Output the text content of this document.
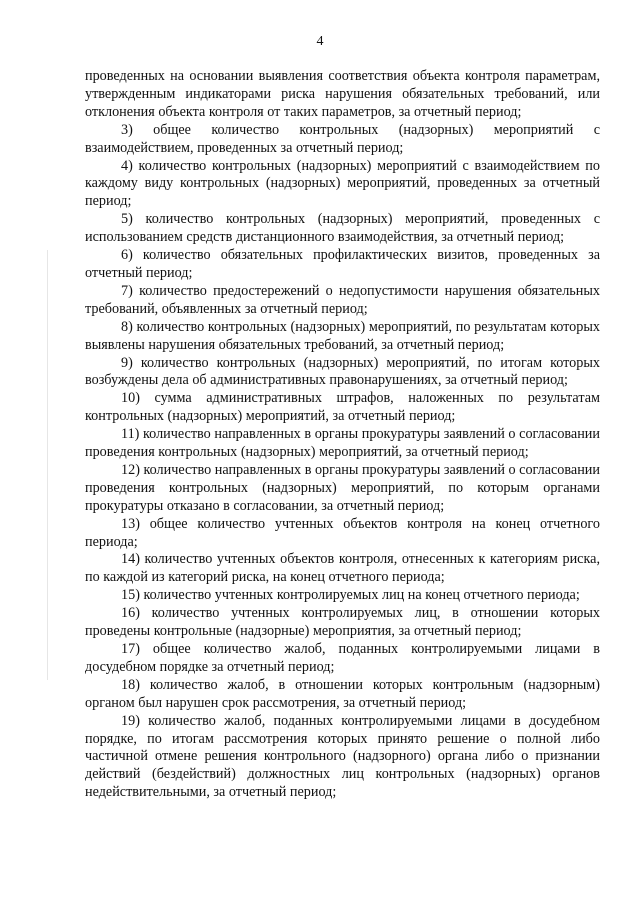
4

проведенных на основании выявления соответствия объекта контроля параметрам, утвержденным индикаторами риска нарушения обязательных требований, или отклонения объекта контроля от таких параметров, за отчетный период;

3) общее количество контрольных (надзорных) мероприятий с взаимодействием, проведенных за отчетный период;

4) количество контрольных (надзорных) мероприятий с взаимодействием по каждому виду контрольных (надзорных) мероприятий, проведенных за отчетный период;

5) количество контрольных (надзорных) мероприятий, проведенных с использованием средств дистанционного взаимодействия, за отчетный период;

6) количество обязательных профилактических визитов, проведенных за отчетный период;

7) количество предостережений о недопустимости нарушения обязательных требований, объявленных за отчетный период;

8) количество контрольных (надзорных) мероприятий, по результатам которых выявлены нарушения обязательных требований, за отчетный период;

9) количество контрольных (надзорных) мероприятий, по итогам которых возбуждены дела об административных правонарушениях, за отчетный период;

10) сумма административных штрафов, наложенных по результатам контрольных (надзорных) мероприятий, за отчетный период;

11) количество направленных в органы прокуратуры заявлений о согласовании проведения контрольных (надзорных) мероприятий, за отчетный период;

12) количество направленных в органы прокуратуры заявлений о согласовании проведения контрольных (надзорных) мероприятий, по которым органами прокуратуры отказано в согласовании, за отчетный период;

13) общее количество учтенных объектов контроля на конец отчетного периода;

14) количество учтенных объектов контроля, отнесенных к категориям риска, по каждой из категорий риска, на конец отчетного периода;

15) количество учтенных контролируемых лиц на конец отчетного периода;

16) количество учтенных контролируемых лиц, в отношении которых проведены контрольные (надзорные) мероприятия, за отчетный период;

17) общее количество жалоб, поданных контролируемыми лицами в досудебном порядке за отчетный период;

18) количество жалоб, в отношении которых контрольным (надзорным) органом был нарушен срок рассмотрения, за отчетный период;

19) количество жалоб, поданных контролируемыми лицами в досудебном порядке, по итогам рассмотрения которых принято решение о полной либо частичной отмене решения контрольного (надзорного) органа либо о признании действий (бездействий) должностных лиц контрольных (надзорных) органов недействительными, за отчетный период;
